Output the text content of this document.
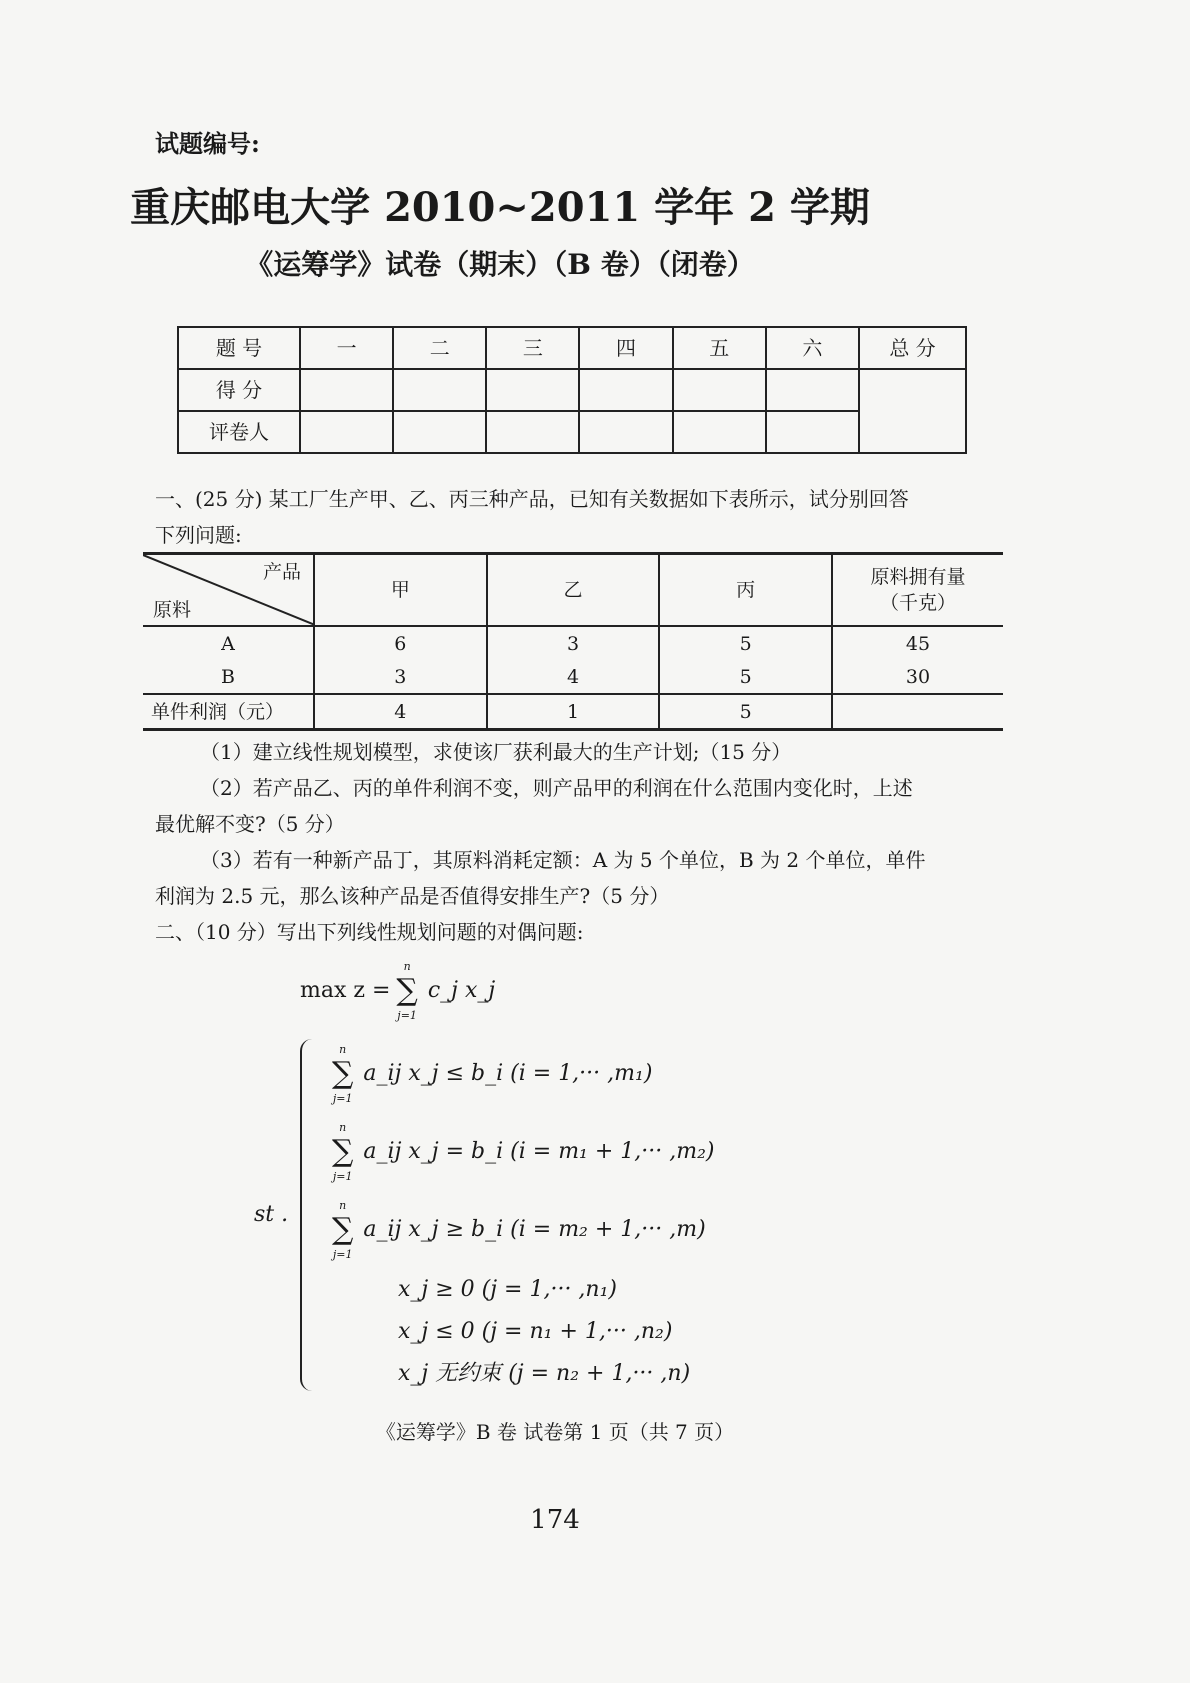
试题编号:
重庆邮电大学 2010~2011 学年 2 学期
《运筹学》试卷（期末）（B 卷）（闭卷）
题 号	一	二	三	四	五	六	总 分
得 分							
评卷人							
一、(25 分) 某工厂生产甲、乙、丙三种产品，已知有关数据如下表所示，试分别回答
下列问题:
产品
原料	甲	乙	丙	原料拥有量
（千克）
A	6	3	5	45
B	3	4	5	30
单件利润（元）	4	1	5	
（1）建立线性规划模型，求使该厂获利最大的生产计划;（15 分）
（2）若产品乙、丙的单件利润不变，则产品甲的利润在什么范围内变化时，上述
最优解不变?（5 分）
（3）若有一种新产品丁，其原料消耗定额：A 为 5 个单位，B 为 2 个单位，单件
利润为 2.5 元，那么该种产品是否值得安排生产?（5 分）
二、（10 分）写出下列线性规划问题的对偶问题:
max z =
n
∑
j=1
c_j x_j
st .
n
∑
j=1
a_ij x_j ≤ b_i (i = 1,··· ,m₁)
n
∑
j=1
a_ij x_j = b_i (i = m₁ + 1,··· ,m₂)
n
∑
j=1
a_ij x_j ≥ b_i (i = m₂ + 1,··· ,m)
x_j ≥ 0 (j = 1,··· ,n₁)
x_j ≤ 0 (j = n₁ + 1,··· ,n₂)
x_j 无约束 (j = n₂ + 1,··· ,n)
《运筹学》B 卷 试卷第 1 页（共 7 页）
174
